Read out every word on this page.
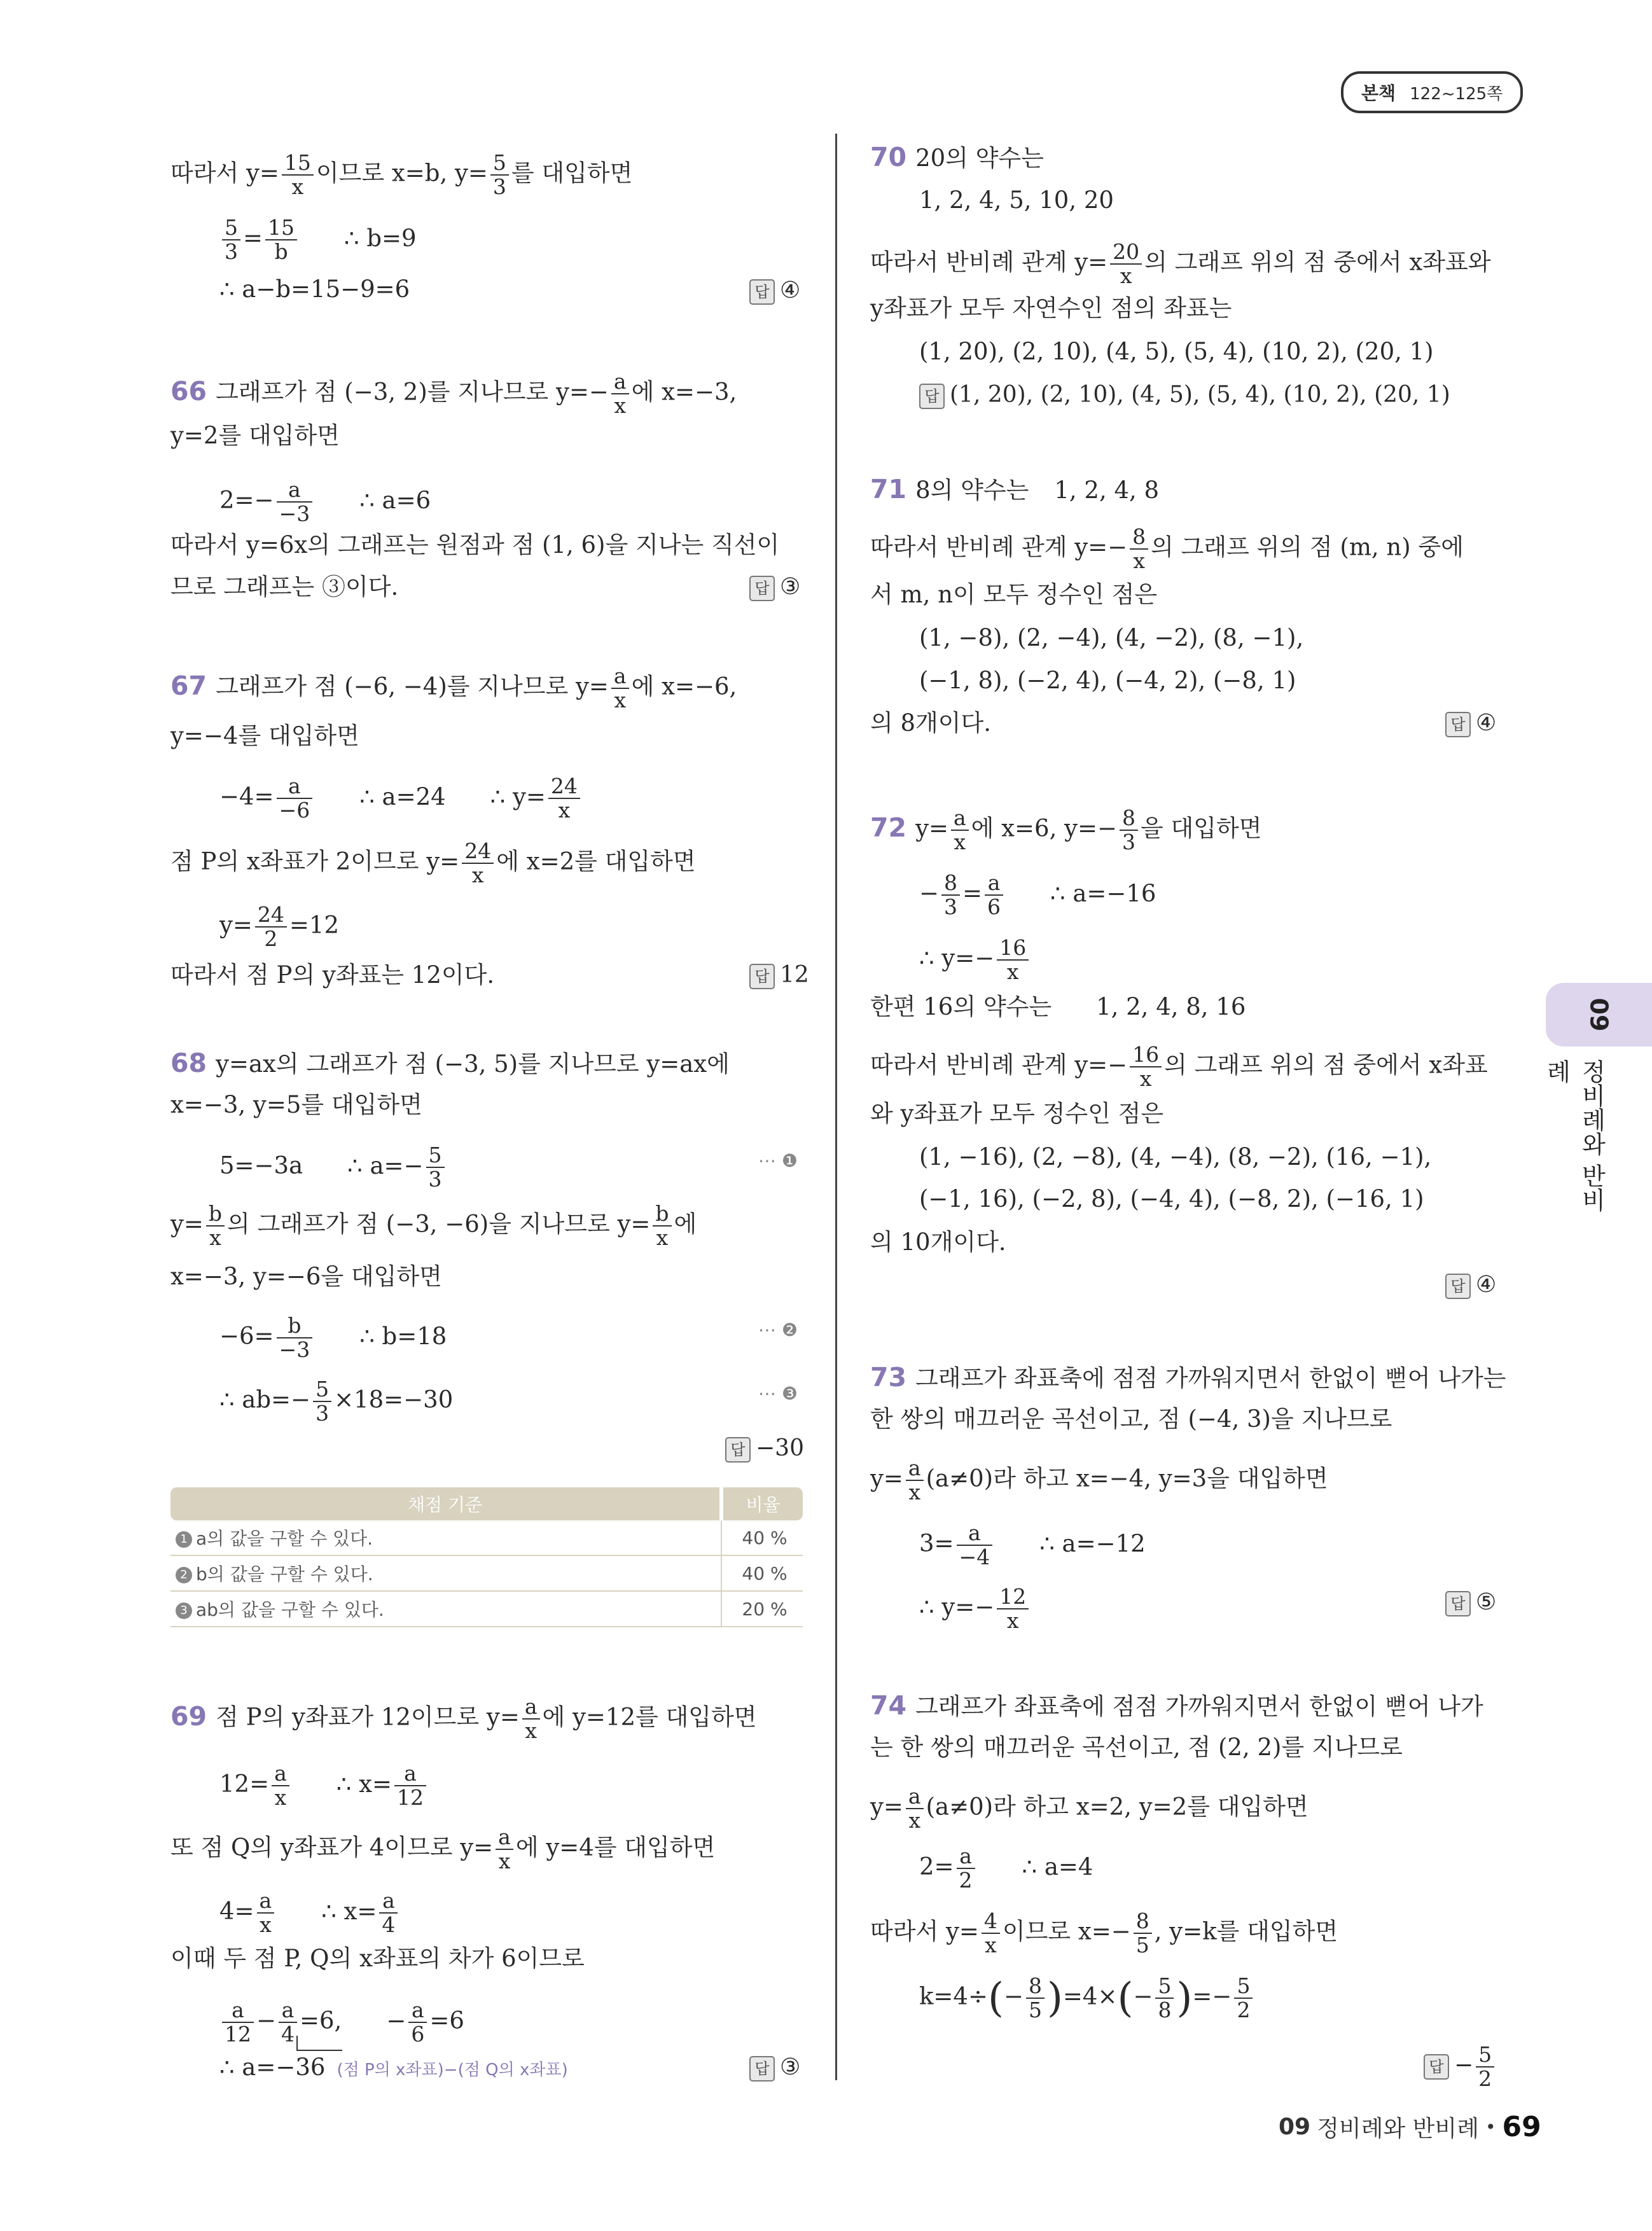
본책 122~125쪽
09
정비례와 반비례
따라서 $y= \frac{15}{x}$ 이므로 x=b, $y= \frac{5}{3}$ 를 대입하면
$\frac{5}{3} = \frac{15}{b}$ ∴ b=9
∴ a−b=15−9=6	답 ④
66 그래프가 점 (−3, 2)를 지나므로 $y=- \frac{a}{x}$ 에 x=−3,
y=2를 대입하면
$2=- \frac{a}{-3}$ ∴ a=6
따라서 y=6x의 그래프는 원점과 점 (1, 6)을 지나는 직선이
므로 그래프는 ③이다.	답 ③
67 그래프가 점 (−6, −4)를 지나므로 $y= \frac{a}{x}$ 에 x=−6,
y=−4를 대입하면
$-4= \frac{a}{-6}$ ∴ a=24 ∴ $y= \frac{24}{x}$
점 P의 x좌표가 2이므로 $y= \frac{24}{x}$ 에 x=2를 대입하면
$y= \frac{24}{2} =12$
따라서 점 P의 y좌표는 12이다.	답 12
68 y=ax의 그래프가 점 (−3, 5)를 지나므로 y=ax에
x=−3, y=5를 대입하면
5=−3a ∴ $a=- \frac{5}{3}$	⋯ ❶
$y= \frac{b}{x}$ 의 그래프가 점 (−3, −6)을 지나므로 $y= \frac{b}{x}$ 에
x=−3, y=−6을 대입하면
$-6= \frac{b}{-3}$ ∴ b=18	⋯ ❷
∴ $ab=- \frac{5}{3} \times 18=-30$	⋯ ❸
답 −30
채점 기준	비율
1 a의 값을 구할 수 있다.	40 %
2 b의 값을 구할 수 있다.	40 %
3 ab의 값을 구할 수 있다.	20 %
69 점 P의 y좌표가 12이므로 $y= \frac{a}{x}$ 에 y=12를 대입하면
$12= \frac{a}{x}$ ∴ $x= \frac{a}{12}$
또 점 Q의 y좌표가 4이므로 $y= \frac{a}{x}$ 에 y=4를 대입하면
$4= \frac{a}{x}$ ∴ $x= \frac{a}{4}$
이때 두 점 P, Q의 x좌표의 차가 6이므로
$\frac{a}{12} - \frac{a}{4} =6$, − $\frac{a}{6} =6$
∴ a=−36 (점 P의 x좌표)−(점 Q의 x좌표)	답 ③
70 20의 약수는
1, 2, 4, 5, 10, 20
따라서 반비례 관계 $y= \frac{20}{x}$ 의 그래프 위의 점 중에서 x좌표와
y좌표가 모두 자연수인 점의 좌표는
(1, 20), (2, 10), (4, 5), (5, 4), (10, 2), (20, 1)
답 (1, 20), (2, 10), (4, 5), (5, 4), (10, 2), (20, 1)
71 8의 약수는 1, 2, 4, 8
따라서 반비례 관계 $y=- \frac{8}{x}$ 의 그래프 위의 점 (m, n) 중에
서 m, n이 모두 정수인 점은
(1, −8), (2, −4), (4, −2), (8, −1),
(−1, 8), (−2, 4), (−4, 2), (−8, 1)
의 8개이다.	답 ④
72 $y= \frac{a}{x}$ 에 x=6, $y=- \frac{8}{3}$ 을 대입하면
− $\frac{8}{3} = \frac{a}{6}$ ∴ a=−16
∴ $y=- \frac{16}{x}$
한편 16의 약수는 1, 2, 4, 8, 16
따라서 반비례 관계 $y=- \frac{16}{x}$ 의 그래프 위의 점 중에서 x좌표
와 y좌표가 모두 정수인 점은
(1, −16), (2, −8), (4, −4), (8, −2), (16, −1),
(−1, 16), (−2, 8), (−4, 4), (−8, 2), (−16, 1)
의 10개이다.
답 ④
73 그래프가 좌표축에 점점 가까워지면서 한없이 뻗어 나가는
한 쌍의 매끄러운 곡선이고, 점 (−4, 3)을 지나므로
$y= \frac{a}{x} (a\ne 0)$라 하고 x=−4, y=3을 대입하면
$3= \frac{a}{-4}$ ∴ a=−12
∴ $y=- \frac{12}{x}$	답 ⑤
74 그래프가 좌표축에 점점 가까워지면서 한없이 뻗어 나가
는 한 쌍의 매끄러운 곡선이고, 점 (2, 2)를 지나므로
$y= \frac{a}{x} (a\ne 0)$라 하고 x=2, y=2를 대입하면
$2= \frac{a}{2}$ ∴ a=4
따라서 $y= \frac{4}{x}$ 이므로 $x=- \frac{8}{5}$ , y=k를 대입하면
$k=4\div(- \frac{8}{5} )=4\times(- \frac{5}{8}$ )=− $\frac{5}{2}$
답 − $\frac{5}{2}$
09 정비례와 반비례 • 69
